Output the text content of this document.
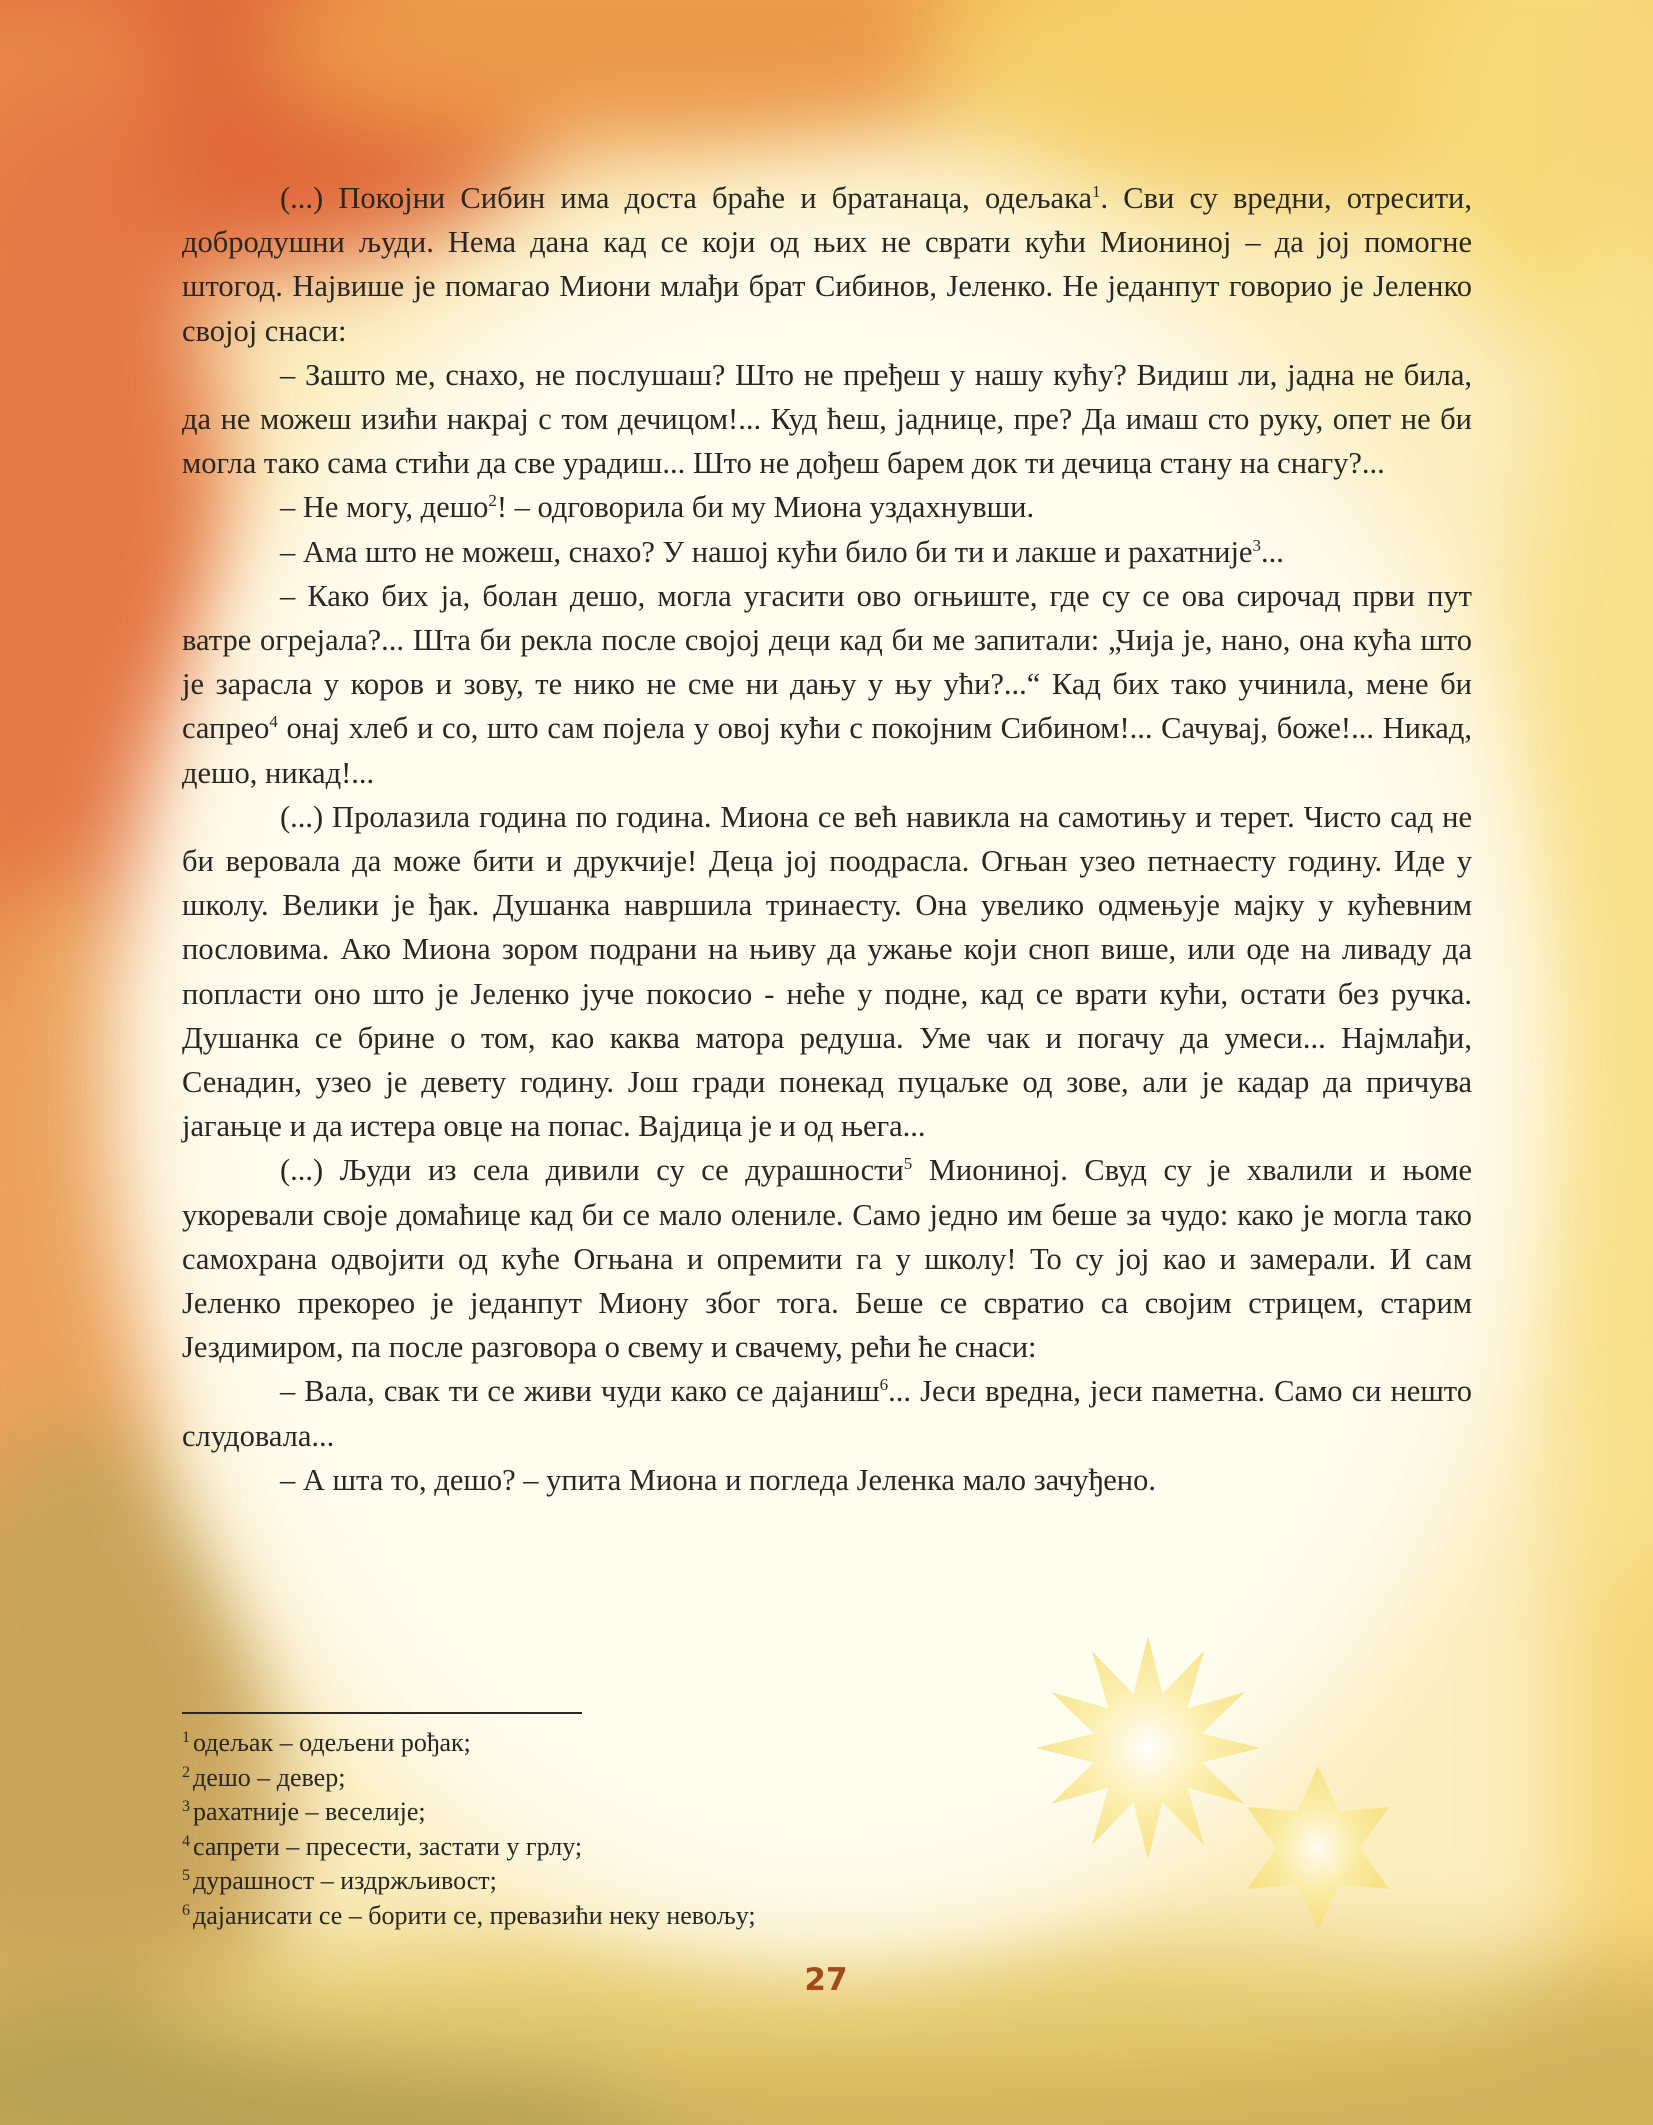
(...) Покојни Сибин има доста браће и братанаца, одељака$^1$. Сви су вредни, отресити, добродушни људи. Нема дана кад се који од њих не сврати кући Миониној – да јој помогне штогод. Највише је помагао Миони млађи брат Сибинов, Јеленко. Не једанпут говорио је Јеленко својој снаси:

– Зашто ме, снахо, не послушаш? Што не пређеш у нашу кућу? Видиш ли, јадна не била, да не можеш изићи накрај с том дечицом!... Куд ћеш, јаднице, пре? Да имаш сто руку, опет не би могла тако сама стићи да све урадиш... Што не дођеш барем док ти дечица стану на снагу?...

– Не могу, дешо$^2$! – одговорила би му Миона уздахнувши.

– Ама што не можеш, снахо? У нашој кући било би ти и лакше и рахатније$^3$...

– Како бих ја, болан дешо, могла угасити ово огњиште, где су се ова сирочад први пут ватре огрејала?... Шта би рекла после својој деци кад би ме запитали: „Чија је, нано, она кућа што је зарасла у коров и зову, те нико не сме ни дању у њу ући?...“ Кад бих тако учинила, мене би сапрео$^4$ онај хлеб и со, што сам појела у овој кући с покојним Сибином!... Сачувај, боже!... Никад, дешо, никад!...

(...) Пролазила година по година. Миона се већ навикла на самотињу и терет. Чисто сад не би веровала да може бити и друкчије! Деца јој поодрасла. Огњан узео петнаесту годину. Иде у школу. Велики је ђак. Душанка навршила тринаесту. Она увелико одмењује мајку у кућевним пословима. Ако Миона зором подрани на њиву да ужање који сноп више, или оде на ливаду да попласти оно што је Јеленко јуче покосио - неће у подне, кад се врати кући, остати без ручка. Душанка се брине о том, као каква матора редуша. Уме чак и погачу да умеси... Најмлађи, Сенадин, узео је девету годину. Још гради понекад пуцаљке од зове, али је кадар да причува јагањце и да истера овце на попас. Вајдица је и од њега...

(...) Људи из села дивили су се дурашности$^5$ Миониној. Свуд су је хвалили и њоме укоревали своје домаћице кад би се мало олениле. Само једно им беше за чудо: како је могла тако самохрана одвојити од куће Огњана и опремити га у школу! То су јој као и замерали. И сам Јеленко прекорео је једанпут Миону због тога. Беше се свратио са својим стрицем, старим Јездимиром, па после разговора о свему и свачему, рећи ће снаси:

– Вала, свак ти се живи чуди како се дајаниш$^6$... Јеси вредна, јеси паметна. Само си нешто слудовала...

– А шта то, дешо? – упита Миона и погледа Јеленка мало зачуђено.

$^1$ одељак – одељени рођак;

$^2$ дешо – девер;

$^3$ рахатније – веселије;

$^4$ сапрети – пресести, застати у грлу;

$^5$ дурашност – издржљивост;

$^6$ дајанисати се – борити се, превазићи неку невољу;

27
